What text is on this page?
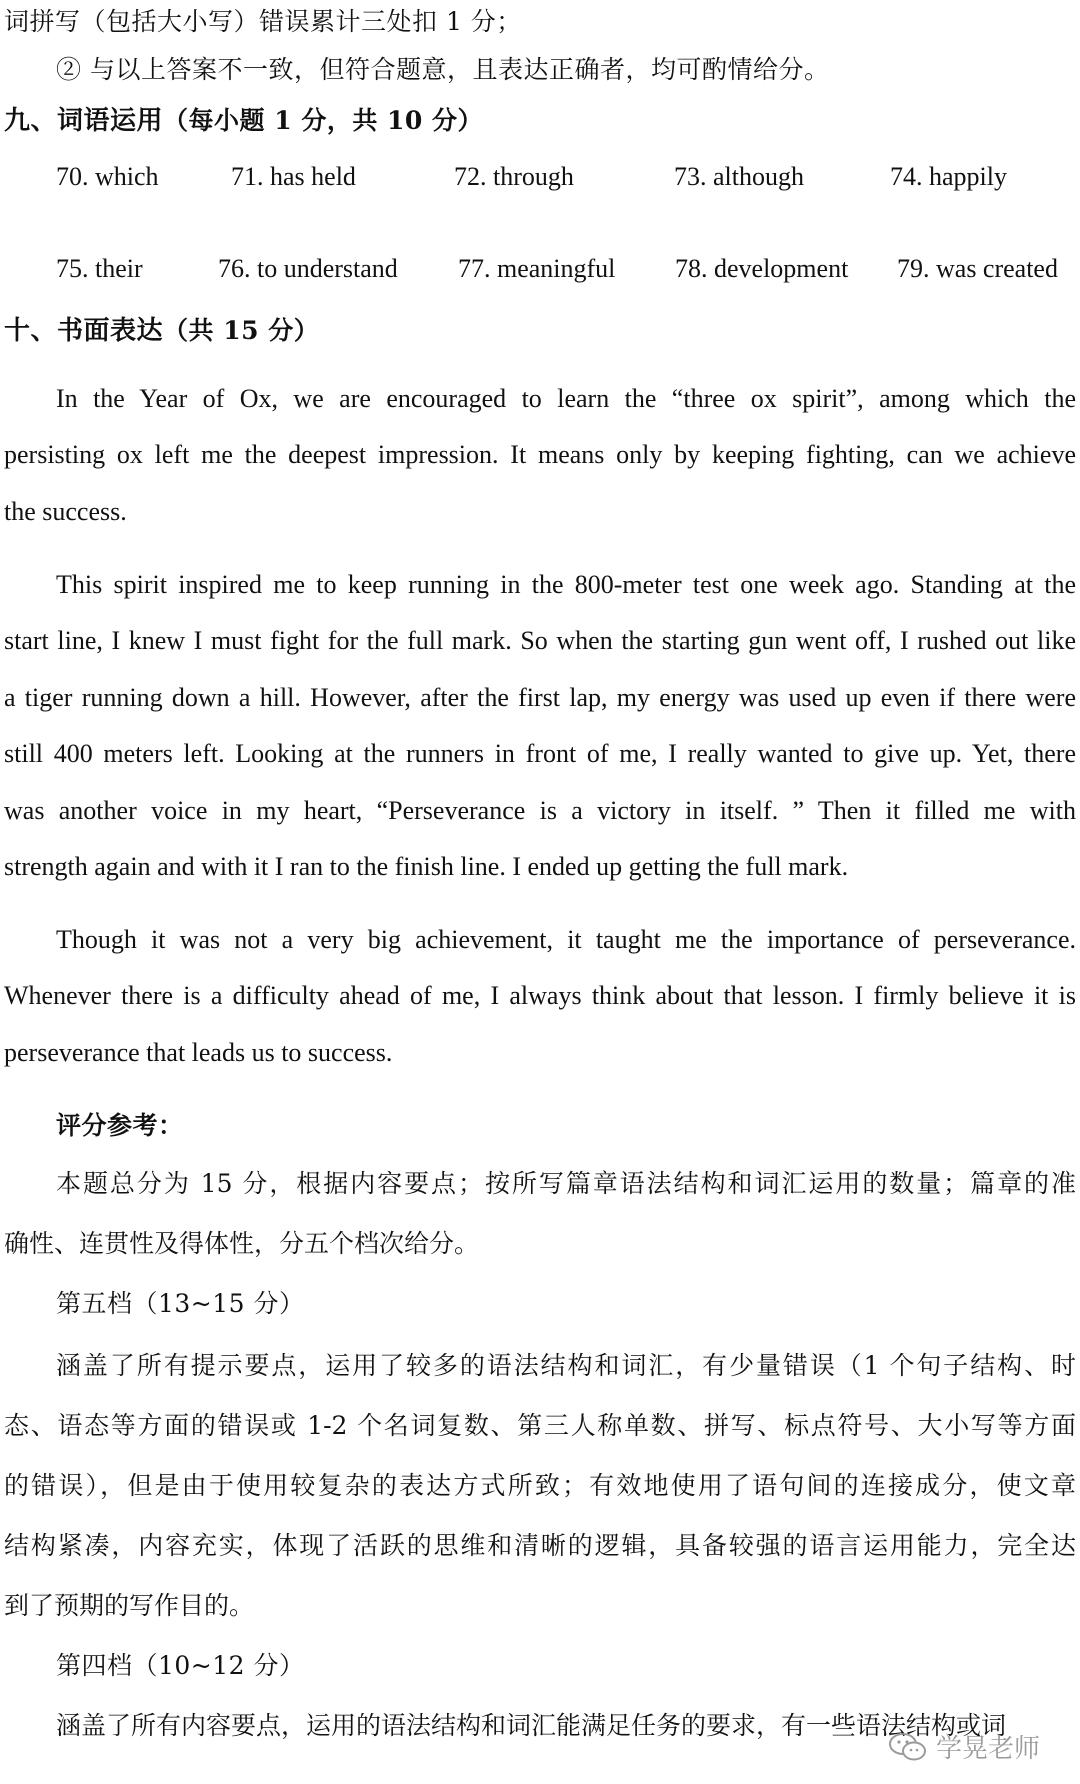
词拼写（包括大小写）错误累计三处扣 1 分；
② 与以上答案不一致，但符合题意，且表达正确者，均可酌情给分。
九、词语运用（每小题 1 分，共 10 分）
70. which	71. has held	72. through	73. although	74. happily
75. their	76. to understand 77. meaningful 78. development 79. was created
十、书面表达（共 15 分）
In the Year of Ox, we are encouraged to learn the “three ox spirit”, among which the
persisting ox left me the deepest impression. It means only by keeping fighting, can we achieve
the success.
This spirit inspired me to keep running in the 800-meter test one week ago. Standing at the
start line, I knew I must fight for the full mark. So when the starting gun went off, I rushed out like
a tiger running down a hill. However, after the first lap, my energy was used up even if there were
still 400 meters left. Looking at the runners in front of me, I really wanted to give up. Yet, there
was another voice in my heart, “Perseverance is a victory in itself. ” Then it filled me with
strength again and with it I ran to the finish line. I ended up getting the full mark.
Though it was not a very big achievement, it taught me the importance of perseverance.
Whenever there is a difficulty ahead of me, I always think about that lesson. I firmly believe it is
perseverance that leads us to success.
评分参考：
本题总分为 15 分，根据内容要点；按所写篇章语法结构和词汇运用的数量；篇章的准
确性、连贯性及得体性，分五个档次给分。
第五档（13~15 分）
涵盖了所有提示要点，运用了较多的语法结构和词汇，有少量错误（1 个句子结构、时
态、语态等方面的错误或 1-2 个名词复数、第三人称单数、拼写、标点符号、大小写等方面
的错误），但是由于使用较复杂的表达方式所致；有效地使用了语句间的连接成分，使文章
结构紧凑，内容充实，体现了活跃的思维和清晰的逻辑，具备较强的语言运用能力，完全达
到了预期的写作目的。
第四档（10~12 分）
涵盖了所有内容要点，运用的语法结构和词汇能满足任务的要求，有一些语法结构或词
学晃老师
